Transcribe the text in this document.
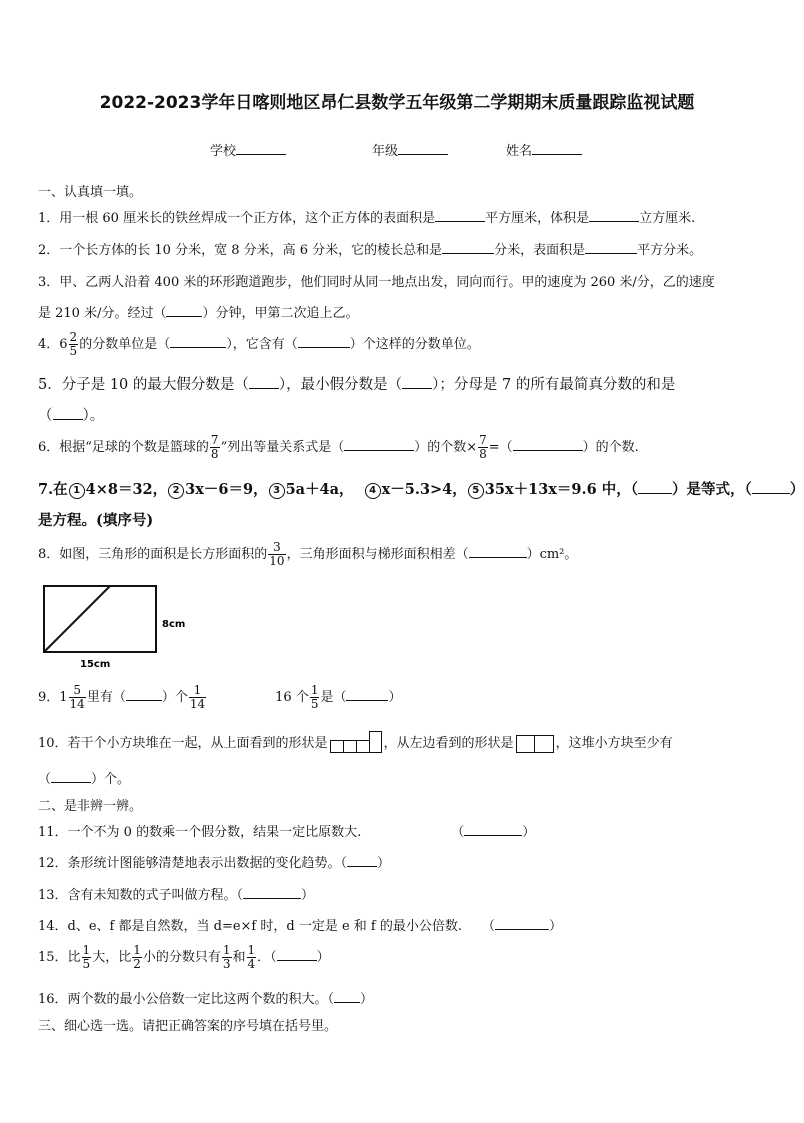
2022-2023学年日喀则地区昂仁县数学五年级第二学期期末质量跟踪监视试题
学校	年级	姓名
一、认真填一填。
1．用一根 60 厘米长的铁丝焊成一个正方体，这个正方体的表面积是	平方厘米，体积是	立方厘米.
2．一个长方体的长 10 分米，宽 8 分米，高 6 分米，它的棱长总和是	分米，表面积是	平方分米。
3．甲、乙两人沿着 400 米的环形跑道跑步，他们同时从同一地点出发，同向而行。甲的速度为 260 米/分，乙的速度
是 210 米/分。经过（	）分钟，甲第二次追上乙。
4．$6 \frac{2}{5}$ 的分数单位是（	），它含有（	）个这样的分数单位。
5．分子是 10 的最大假分数是（ ），最小假分数是（ ）；分母是 7 的所有最简真分数的和是
（ ）。
6．根据“足球的个数是篮球的 $\frac{7}{8}$ ”列出等量关系式是（	）的个数× $\frac{7}{8}$ =（	）的个数.
7.在 1 4×8＝32， 2 3x－6＝9， 3 5a＋4a， 4 x－5.3>4， 5 35x＋13x＝9.6 中，（ ）是等式，（	）
是方程。(填序号)
8．如图，三角形的面积是长方形面积的 $\frac{3}{10}$ ，三角形面积与梯形面积相差（	）cm²。
8cm
15cm
9．$1 \frac{5}{14}$ 里有（	）个 $\frac{1}{14}$	16 个 $\frac{1}{5}$ 是（	）
10．若干个小方块堆在一起，从上面看到的形状是	，从左边看到的形状是	，这堆小方块至少有
（	）个。
二、是非辨一辨。
11．一个不为 0 的数乘一个假分数，结果一定比原数大.	（	）
12．条形统计图能够清楚地表示出数据的变化趋势。（ ）
13．含有未知数的式子叫做方程。（	）
14．d、e、f 都是自然数，当 d=e×f 时，d 一定是 e 和 f 的最小公倍数. （	）
15．比 $\frac{1}{5}$ 大，比 $\frac{1}{2}$ 小的分数只有 $\frac{1}{3}$ 和 $\frac{1}{4}$ ．（	）
16．两个数的最小公倍数一定比这两个数的积大。（ ）
三、细心选一选。请把正确答案的序号填在括号里。
